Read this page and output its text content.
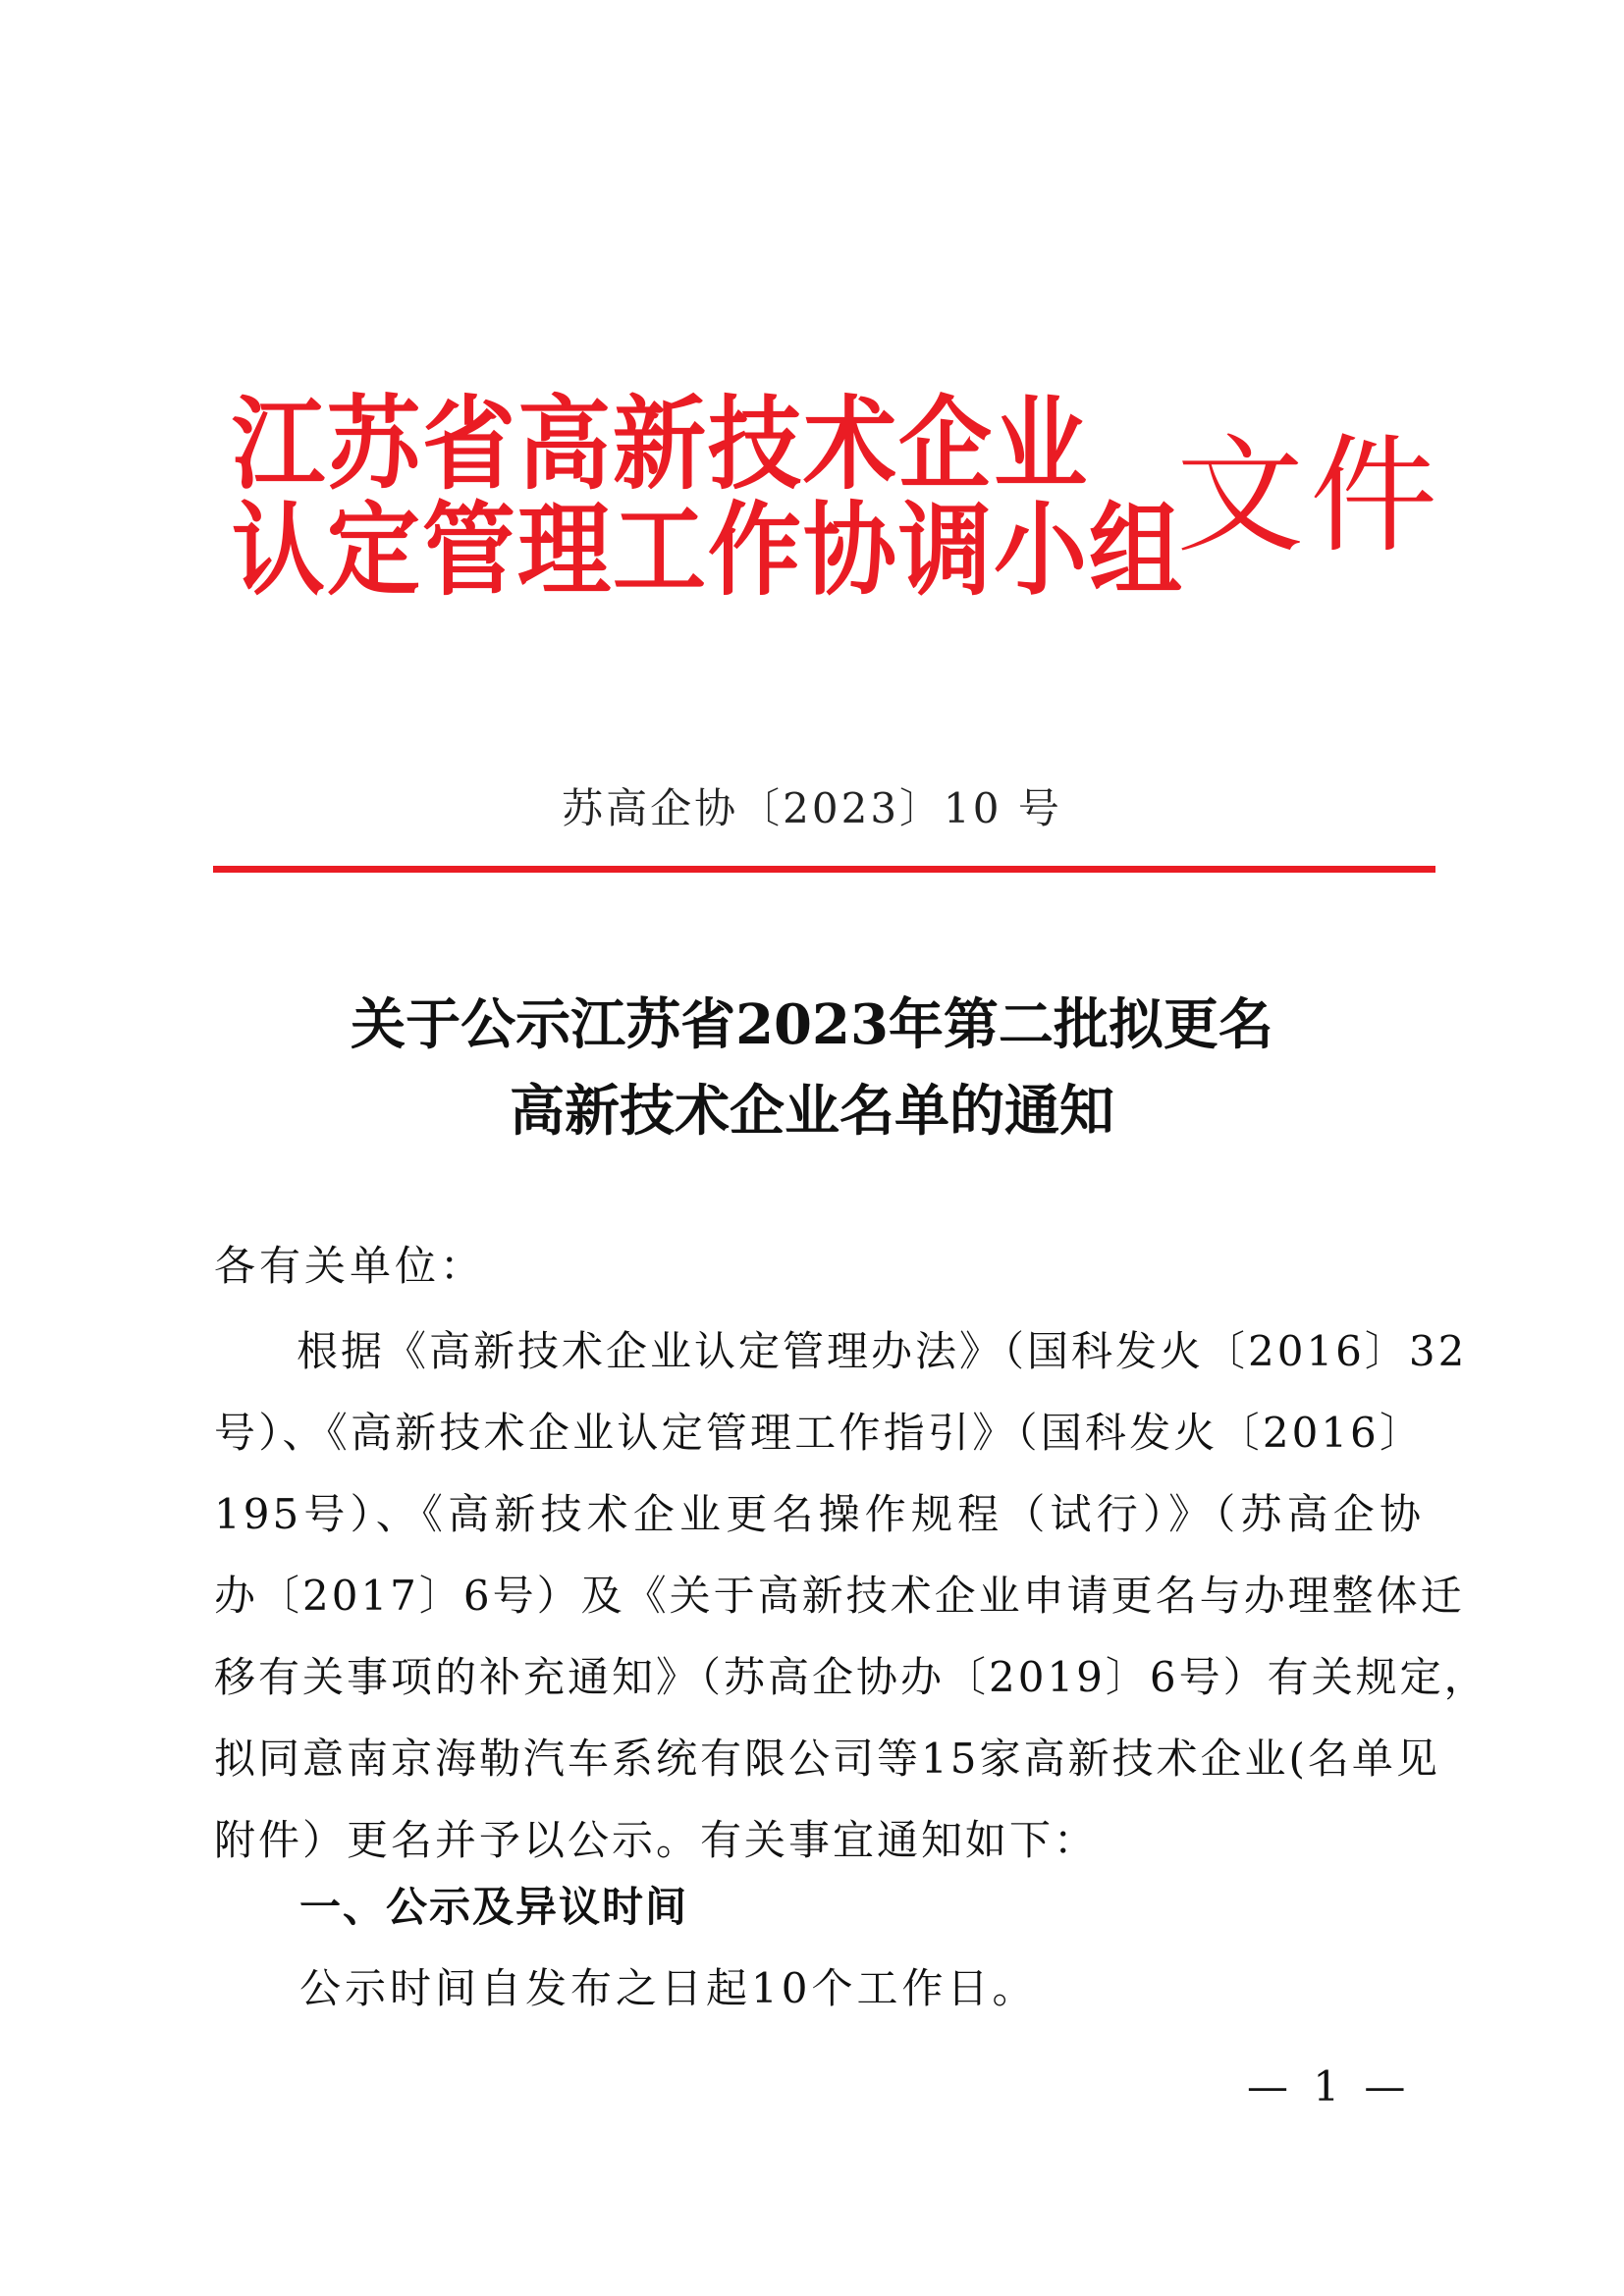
江苏省高新技术企业
认定管理工作协调小组
文件
苏高企协〔2023〕10 号
关于公示江苏省2023年第二批拟更名
高新技术企业名单的通知
各有关单位：
根据《高新技术企业认定管理办法》（国科发火〔2016〕32
号）、《高新技术企业认定管理工作指引》（国科发火〔2016〕
195号）、《高新技术企业更名操作规程（试行）》（苏高企协
办〔2017〕6号）及《关于高新技术企业申请更名与办理整体迁
移有关事项的补充通知》（苏高企协办〔2019〕6号）有关规定，
拟同意南京海勒汽车系统有限公司等15家高新技术企业(名单见
附件）更名并予以公示。有关事宜通知如下：
一、公示及异议时间
公示时间自发布之日起10个工作日。
— 1 —
